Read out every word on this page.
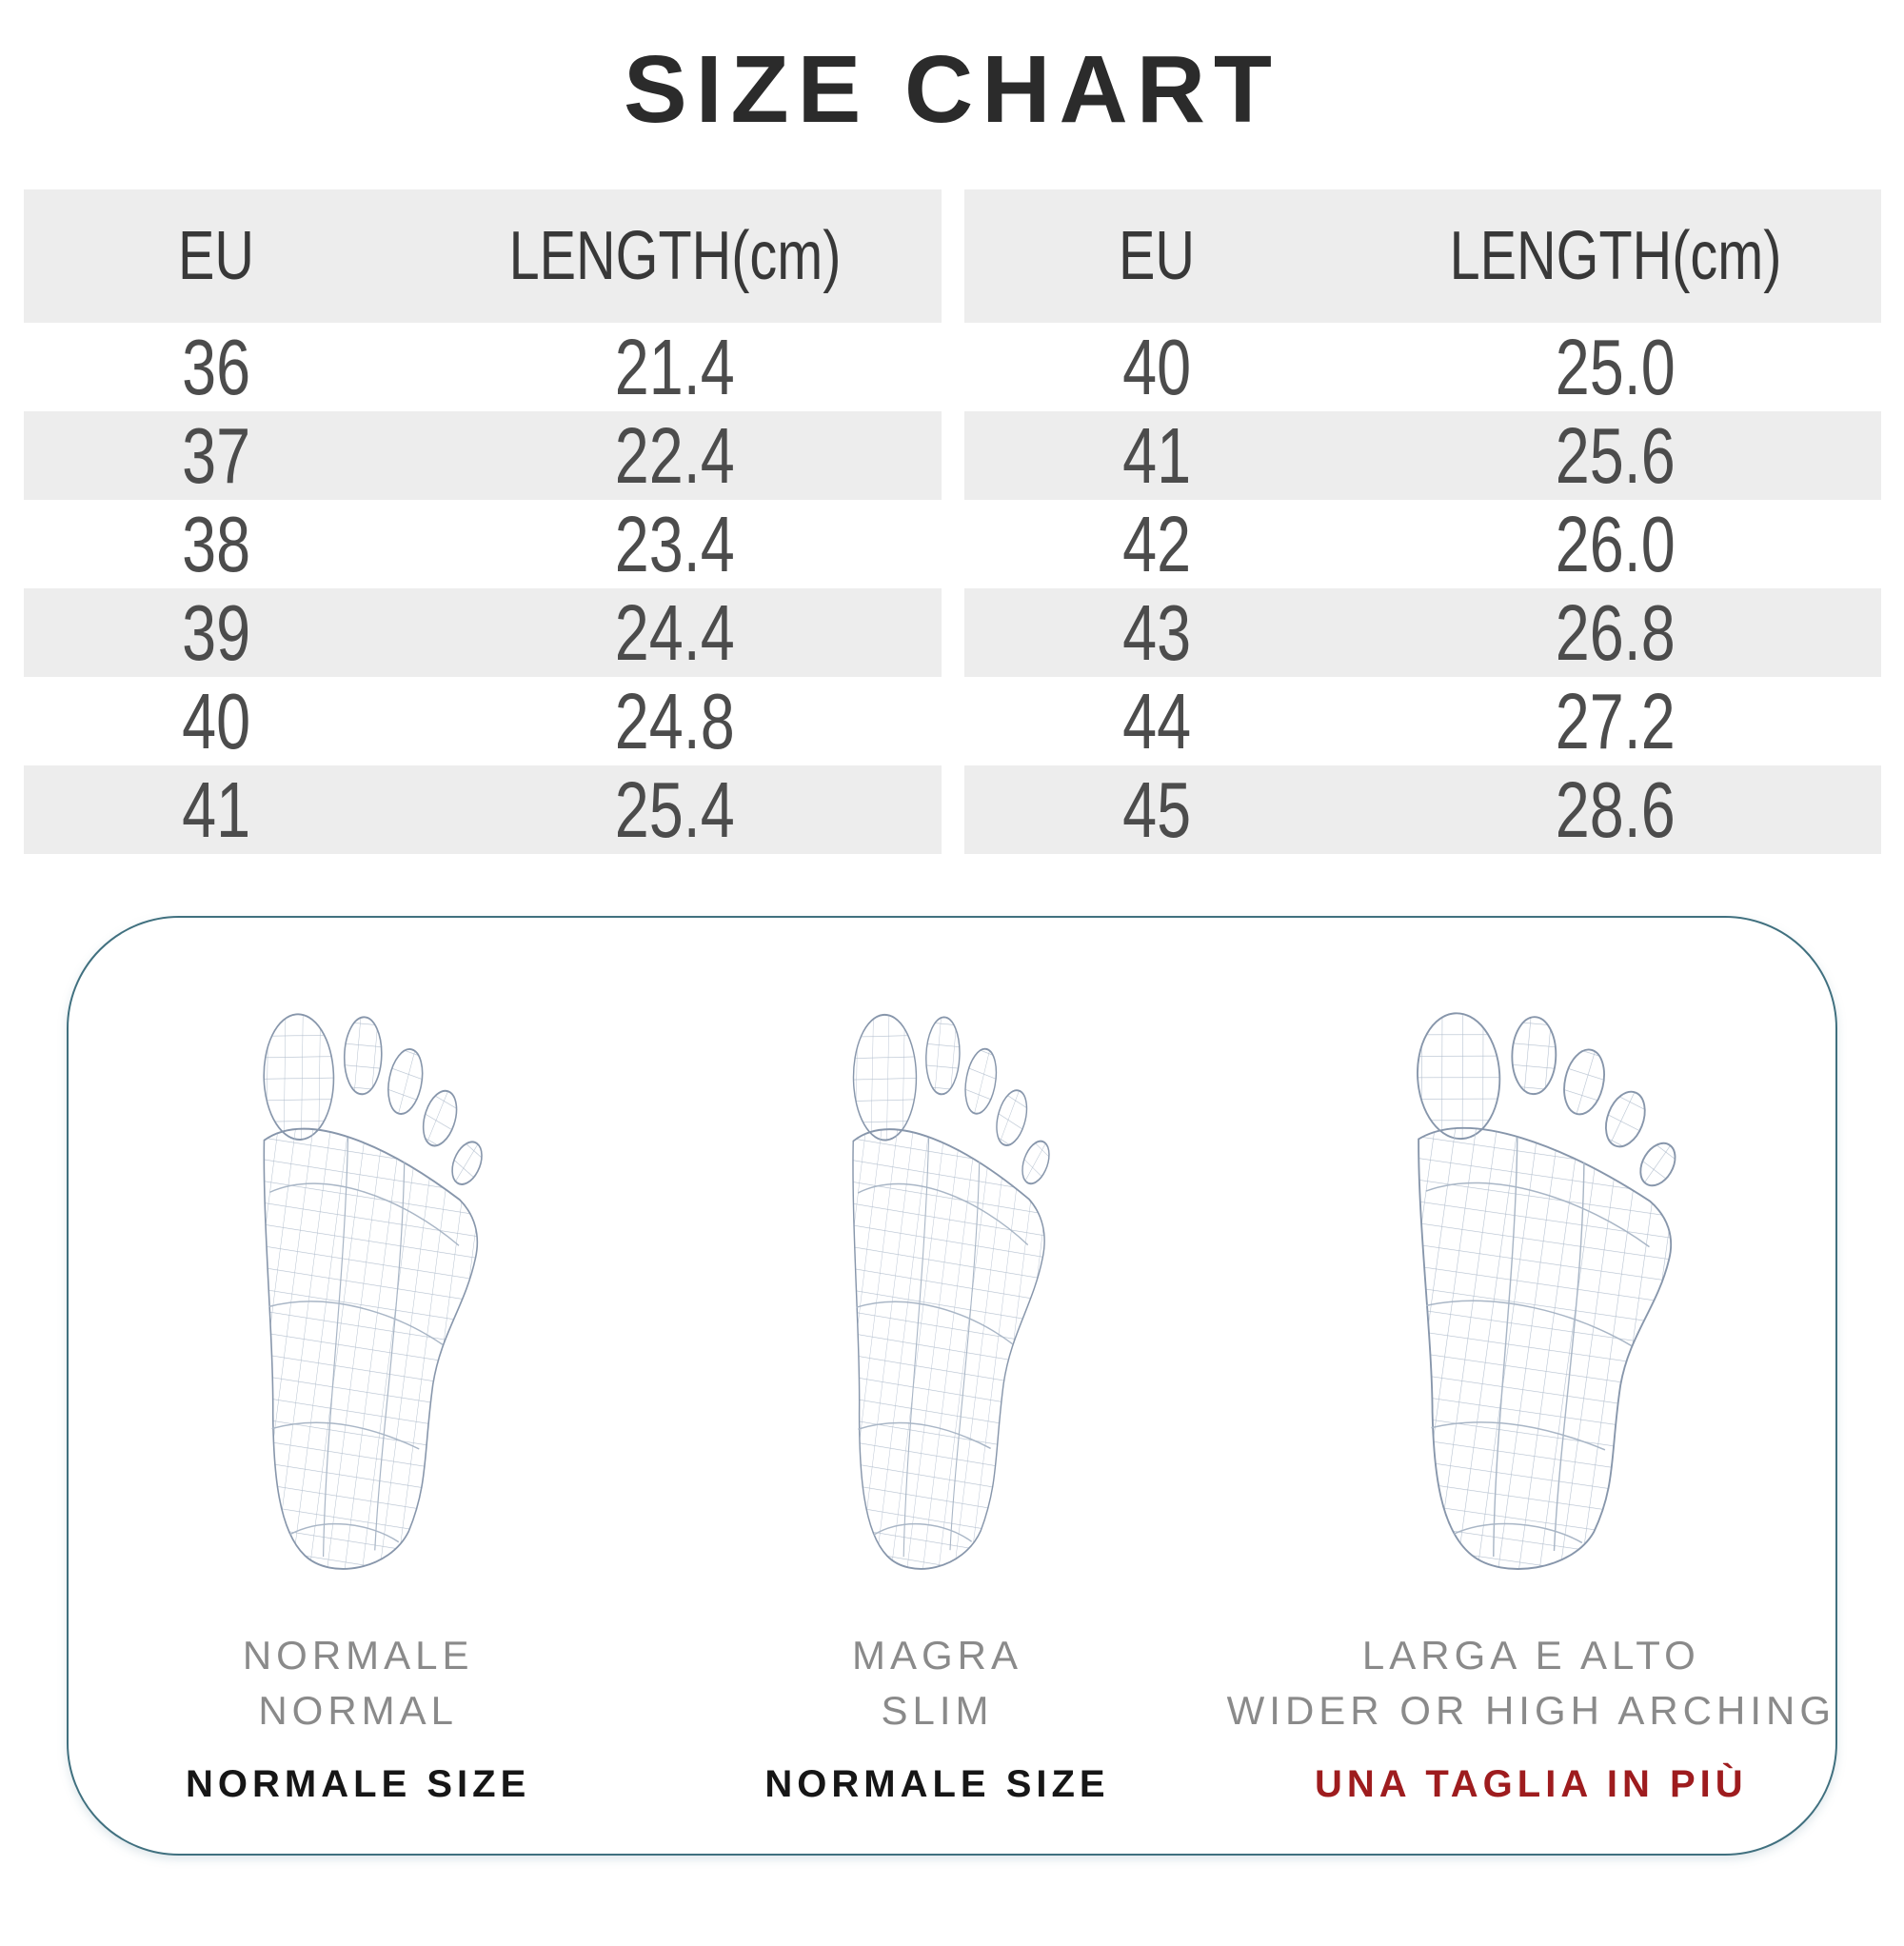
SIZE CHART
EU	LENGTH(cm)
36	21.4
37	22.4
38	23.4
39	24.4
40	24.8
41	25.4
EU	LENGTH(cm)
40	25.0
41	25.6
42	26.0
43	26.8
44	27.2
45	28.6
NORMALE
NORMAL
NORMALE SIZE
MAGRA
SLIM
NORMALE SIZE
LARGA E ALTO
WIDER OR HIGH ARCHING
UNA TAGLIA IN PIÙ
